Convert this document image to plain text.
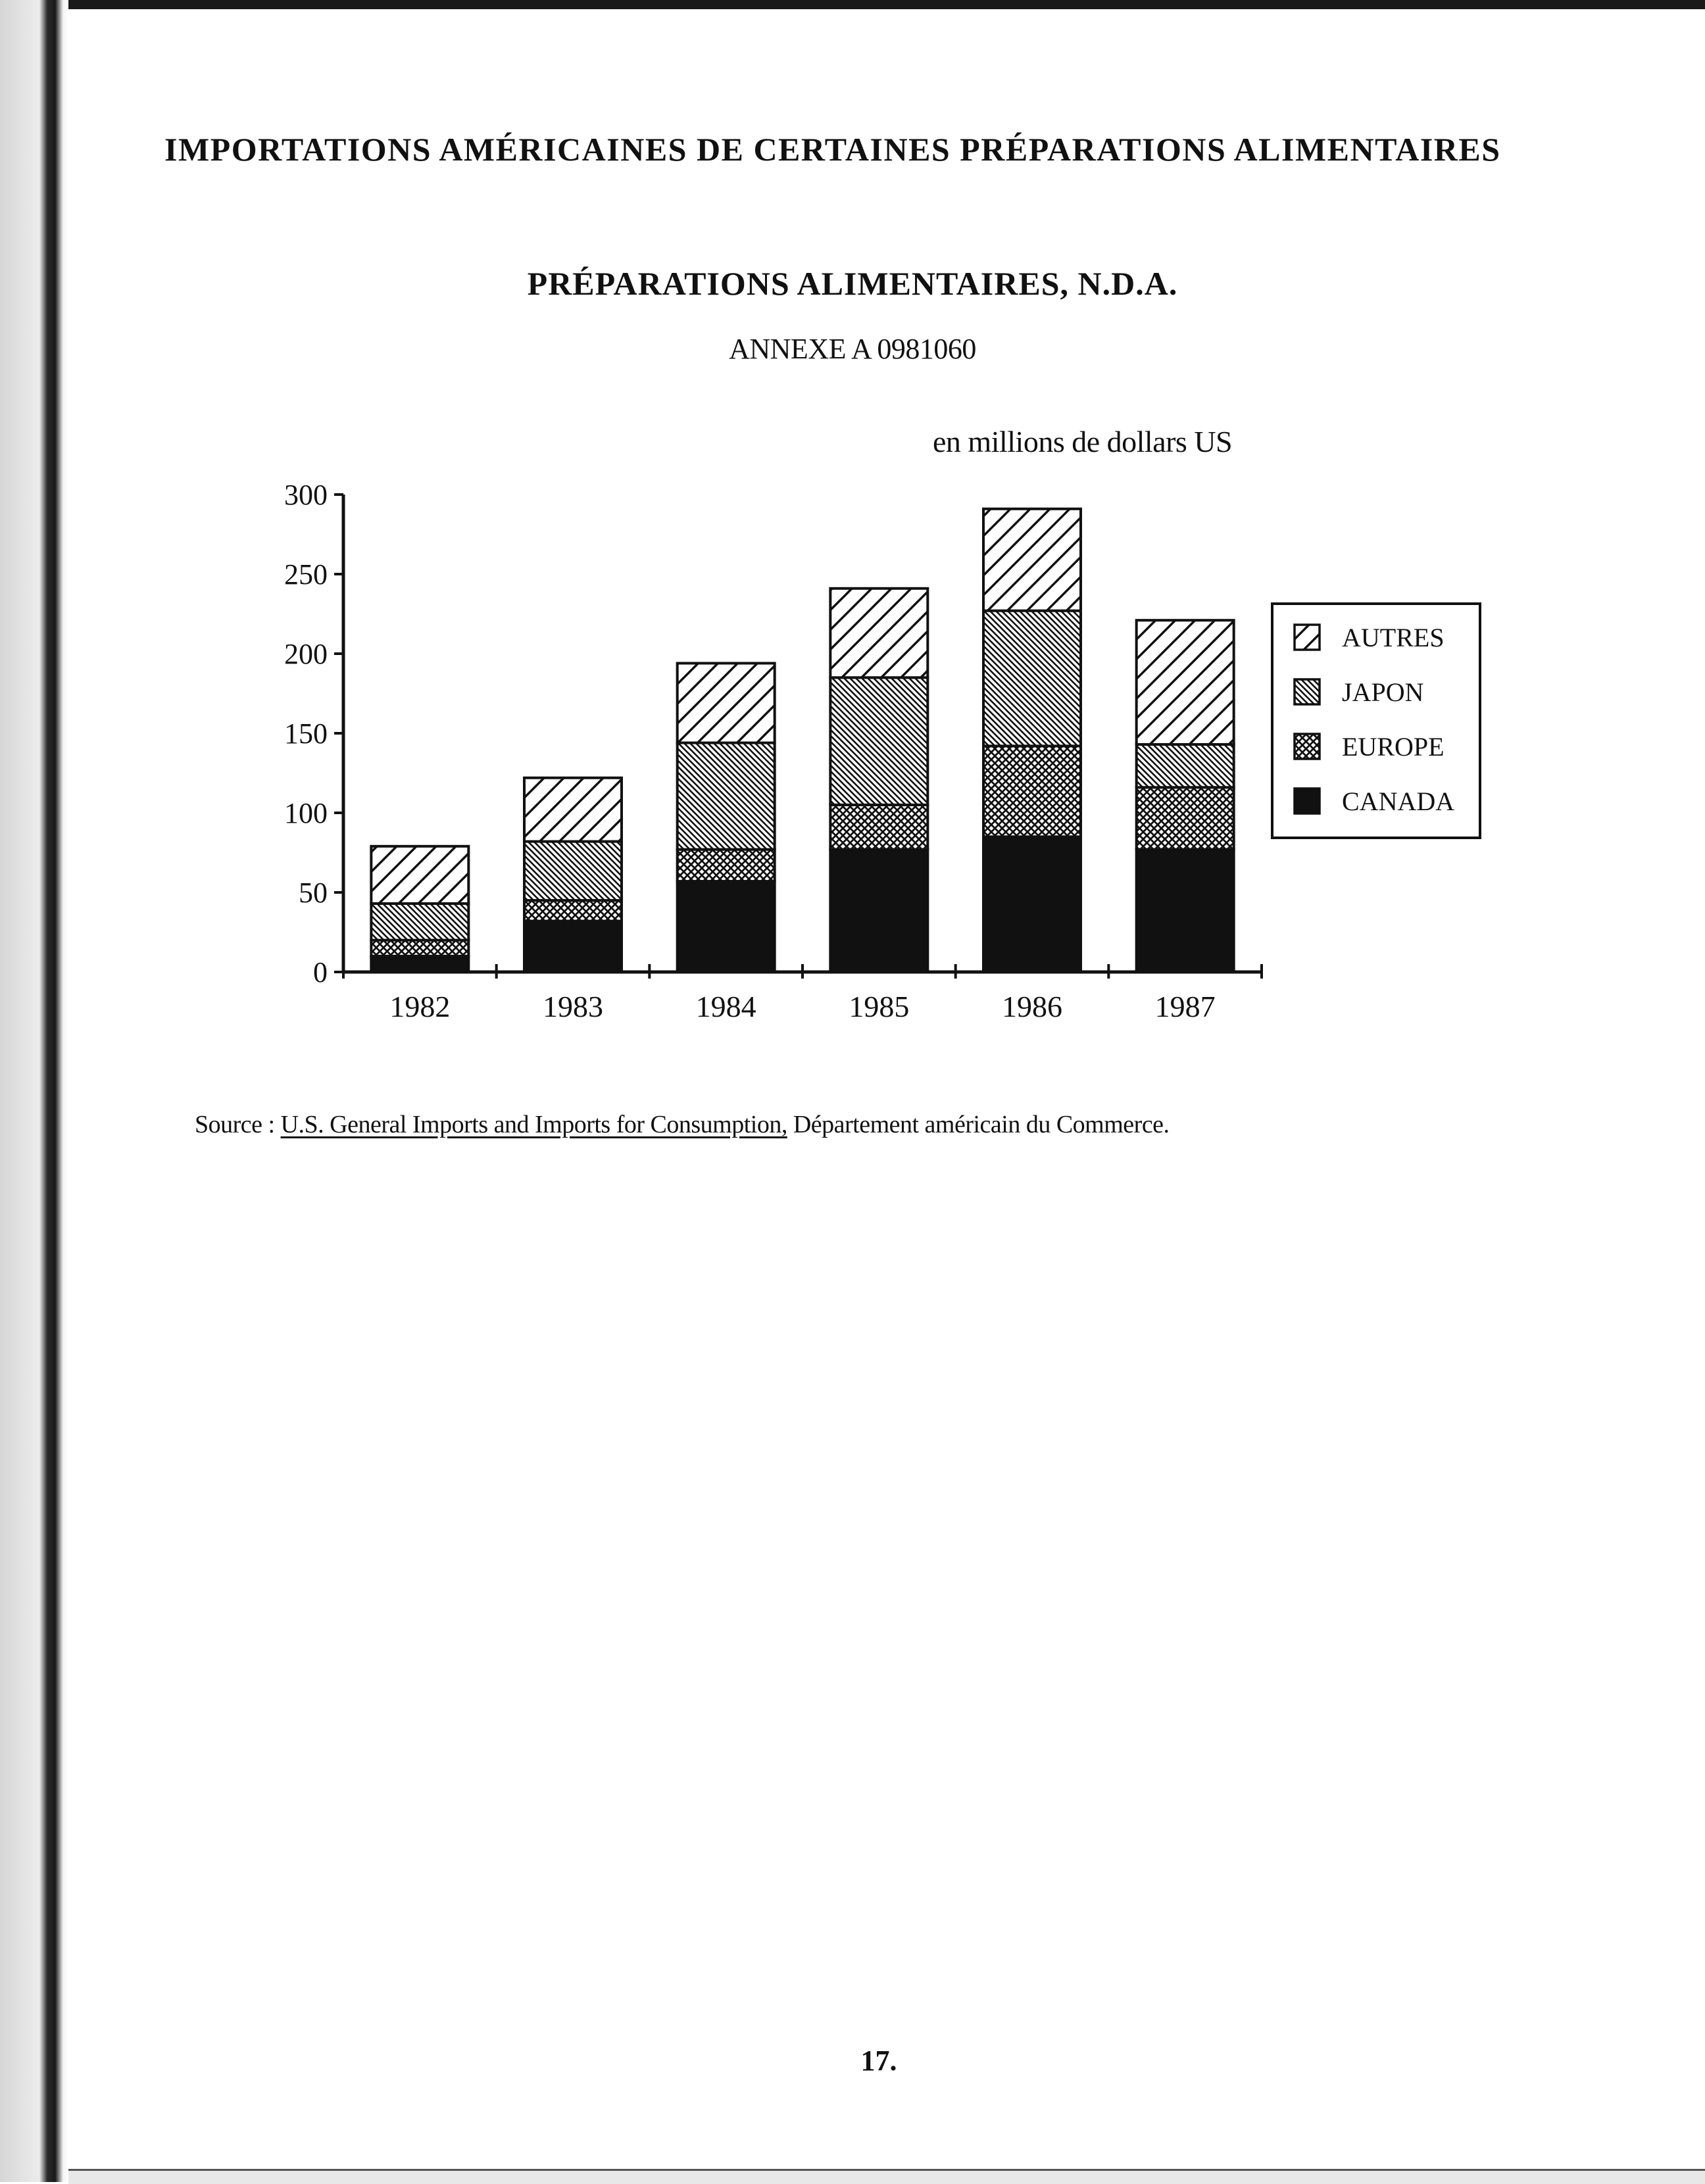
IMPORTATIONS AMÉRICAINES DE CERTAINES PRÉPARATIONS ALIMENTAIRES
PRÉPARATIONS ALIMENTAIRES, N.D.A.
ANNEXE A 0981060
en millions de dollars US
0
50
100
150
200
250
300
1982	1983	1984	1985	1986	1987
AUTRES
JAPON
EUROPE
CANADA
Source : U.S. General Imports and Imports for Consumption, Département américain du Commerce.
17.
